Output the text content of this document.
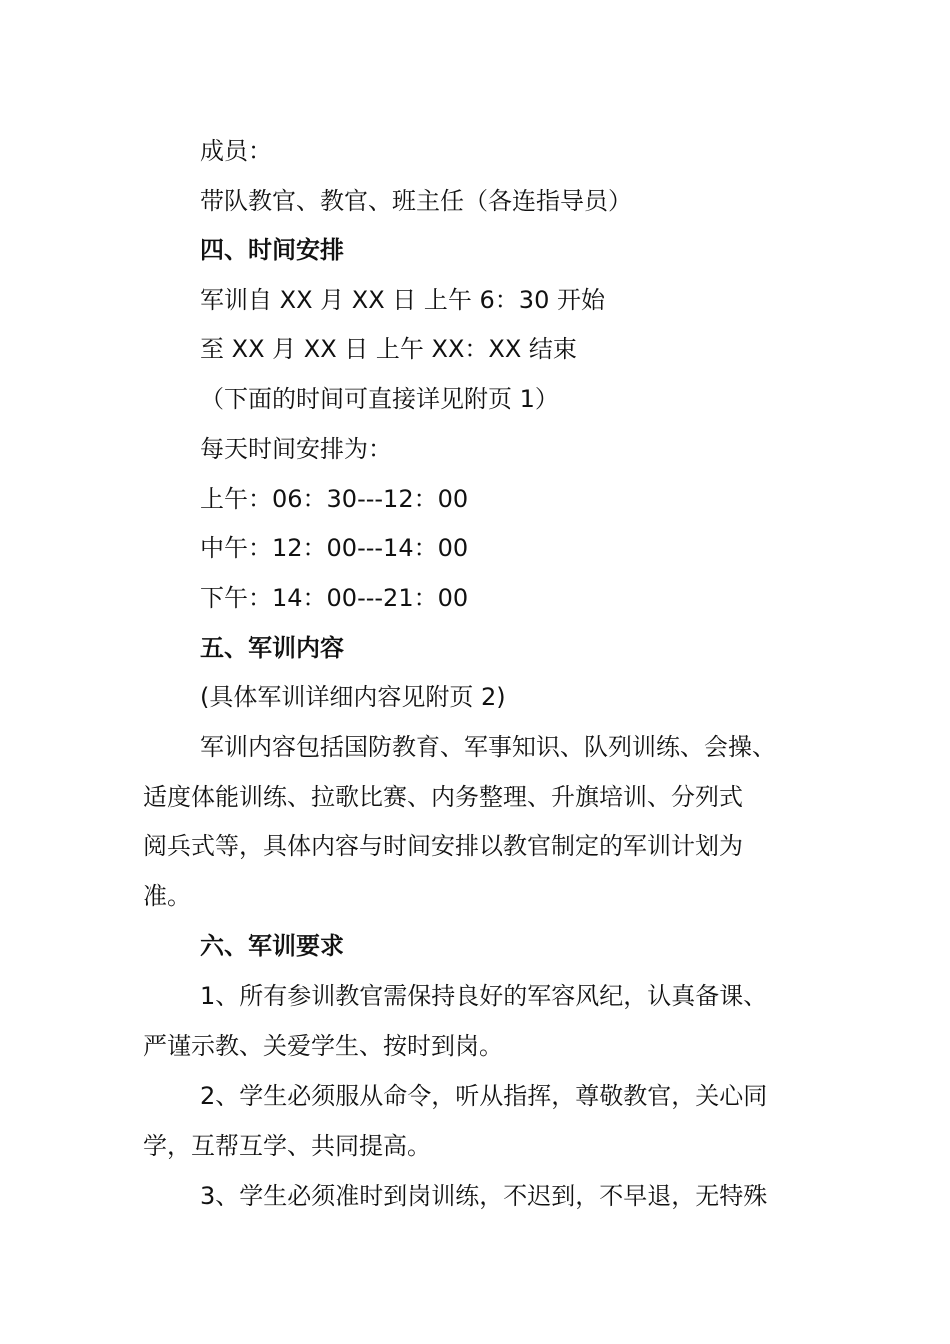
成员：
带队教官、教官、班主任（各连指导员）
四、时间安排
军训自 XX 月 XX 日 上午 6：30 开始
至 XX 月 XX 日 上午 XX：XX 结束
（下面的时间可直接详见附页 1）
每天时间安排为：
上午：06：30---12：00
中午：12：00---14：00
下午：14：00---21：00
五、军训内容
(具体军训详细内容见附页 2)
军训内容包括国防教育、军事知识、队列训练、会操、
适度体能训练、拉歌比赛、内务整理、升旗培训、分列式
阅兵式等，具体内容与时间安排以教官制定的军训计划为
准。
六、军训要求
1、所有参训教官需保持良好的军容风纪，认真备课、
严谨示教、关爱学生、按时到岗。
2、学生必须服从命令，听从指挥，尊敬教官，关心同
学，互帮互学、共同提高。
3、学生必须准时到岗训练，不迟到，不早退，无特殊
